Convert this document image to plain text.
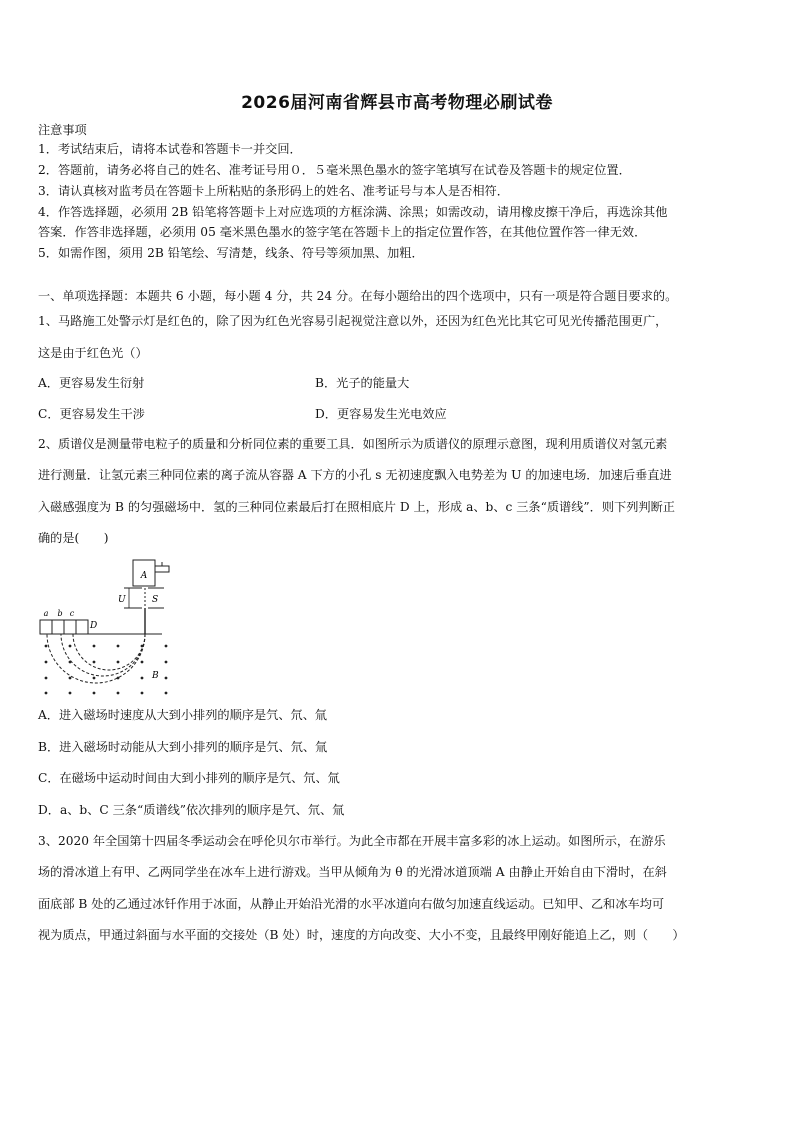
2026届河南省辉县市高考物理必刷试卷
注意事项
1．考试结束后，请将本试卷和答题卡一并交回．
2．答题前，请务必将自己的姓名、准考证号用０．５毫米黑色墨水的签字笔填写在试卷及答题卡的规定位置．
3．请认真核对监考员在答题卡上所粘贴的条形码上的姓名、准考证号与本人是否相符．
4．作答选择题，必须用 2B 铅笔将答题卡上对应选项的方框涂满、涂黑；如需改动，请用橡皮擦干净后，再选涂其他
答案．作答非选择题，必须用 05 毫米黑色墨水的签字笔在答题卡上的指定位置作答，在其他位置作答一律无效．
5．如需作图，须用 2B 铅笔绘、写清楚，线条、符号等须加黑、加粗．
一、单项选择题：本题共 6 小题，每小题 4 分，共 24 分。在每小题给出的四个选项中，只有一项是符合题目要求的。
1、马路施工处警示灯是红色的，除了因为红色光容易引起视觉注意以外，还因为红色光比其它可见光传播范围更广，
这是由于红色光（）
A．更容易发生衍射	B．光子的能量大
C．更容易发生干涉	D．更容易发生光电效应
2、质谱仪是测量带电粒子的质量和分析同位素的重要工具．如图所示为质谱仪的原理示意图，现利用质谱仪对氢元素
进行测量．让氢元素三种同位素的离子流从容器 A 下方的小孔 s 无初速度飘入电势差为 U 的加速电场．加速后垂直进
入磁感强度为 B 的匀强磁场中．氢的三种同位素最后打在照相底片 D 上，形成 a、b、c 三条“质谱线”．则下列判断正
确的是(　　)
A
U	S
a b c
D
B
A．进入磁场时速度从大到小排列的顺序是氕、氘、氚
B．进入磁场时动能从大到小排列的顺序是氕、氘、氚
C．在磁场中运动时间由大到小排列的顺序是氕、氘、氚
D．a、b、C 三条“质谱线”依次排列的顺序是氕、氘、氚
3、2020 年全国第十四届冬季运动会在呼伦贝尔市举行。为此全市都在开展丰富多彩的冰上运动。如图所示，在游乐
场的滑冰道上有甲、乙两同学坐在冰车上进行游戏。当甲从倾角为 θ 的光滑冰道顶端 A 由静止开始自由下滑时，在斜
面底部 B 处的乙通过冰钎作用于冰面，从静止开始沿光滑的水平冰道向右做匀加速直线运动。已知甲、乙和冰车均可
视为质点，甲通过斜面与水平面的交接处（B 处）时，速度的方向改变、大小不变，且最终甲刚好能追上乙，则（　　）
